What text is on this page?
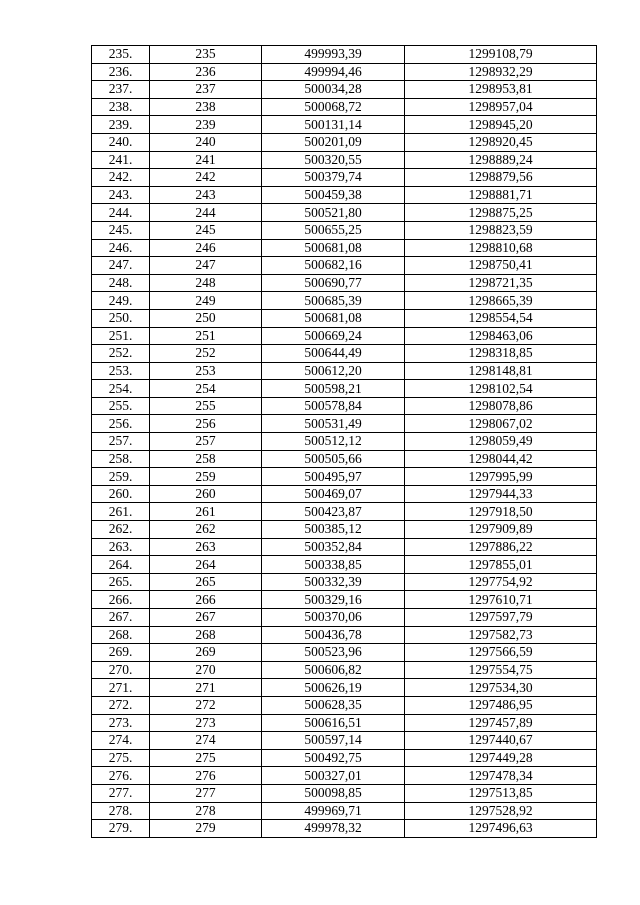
235.	235	499993,39	1299108,79
236.	236	499994,46	1298932,29
237.	237	500034,28	1298953,81
238.	238	500068,72	1298957,04
239.	239	500131,14	1298945,20
240.	240	500201,09	1298920,45
241.	241	500320,55	1298889,24
242.	242	500379,74	1298879,56
243.	243	500459,38	1298881,71
244.	244	500521,80	1298875,25
245.	245	500655,25	1298823,59
246.	246	500681,08	1298810,68
247.	247	500682,16	1298750,41
248.	248	500690,77	1298721,35
249.	249	500685,39	1298665,39
250.	250	500681,08	1298554,54
251.	251	500669,24	1298463,06
252.	252	500644,49	1298318,85
253.	253	500612,20	1298148,81
254.	254	500598,21	1298102,54
255.	255	500578,84	1298078,86
256.	256	500531,49	1298067,02
257.	257	500512,12	1298059,49
258.	258	500505,66	1298044,42
259.	259	500495,97	1297995,99
260.	260	500469,07	1297944,33
261.	261	500423,87	1297918,50
262.	262	500385,12	1297909,89
263.	263	500352,84	1297886,22
264.	264	500338,85	1297855,01
265.	265	500332,39	1297754,92
266.	266	500329,16	1297610,71
267.	267	500370,06	1297597,79
268.	268	500436,78	1297582,73
269.	269	500523,96	1297566,59
270.	270	500606,82	1297554,75
271.	271	500626,19	1297534,30
272.	272	500628,35	1297486,95
273.	273	500616,51	1297457,89
274.	274	500597,14	1297440,67
275.	275	500492,75	1297449,28
276.	276	500327,01	1297478,34
277.	277	500098,85	1297513,85
278.	278	499969,71	1297528,92
279.	279	499978,32	1297496,63
